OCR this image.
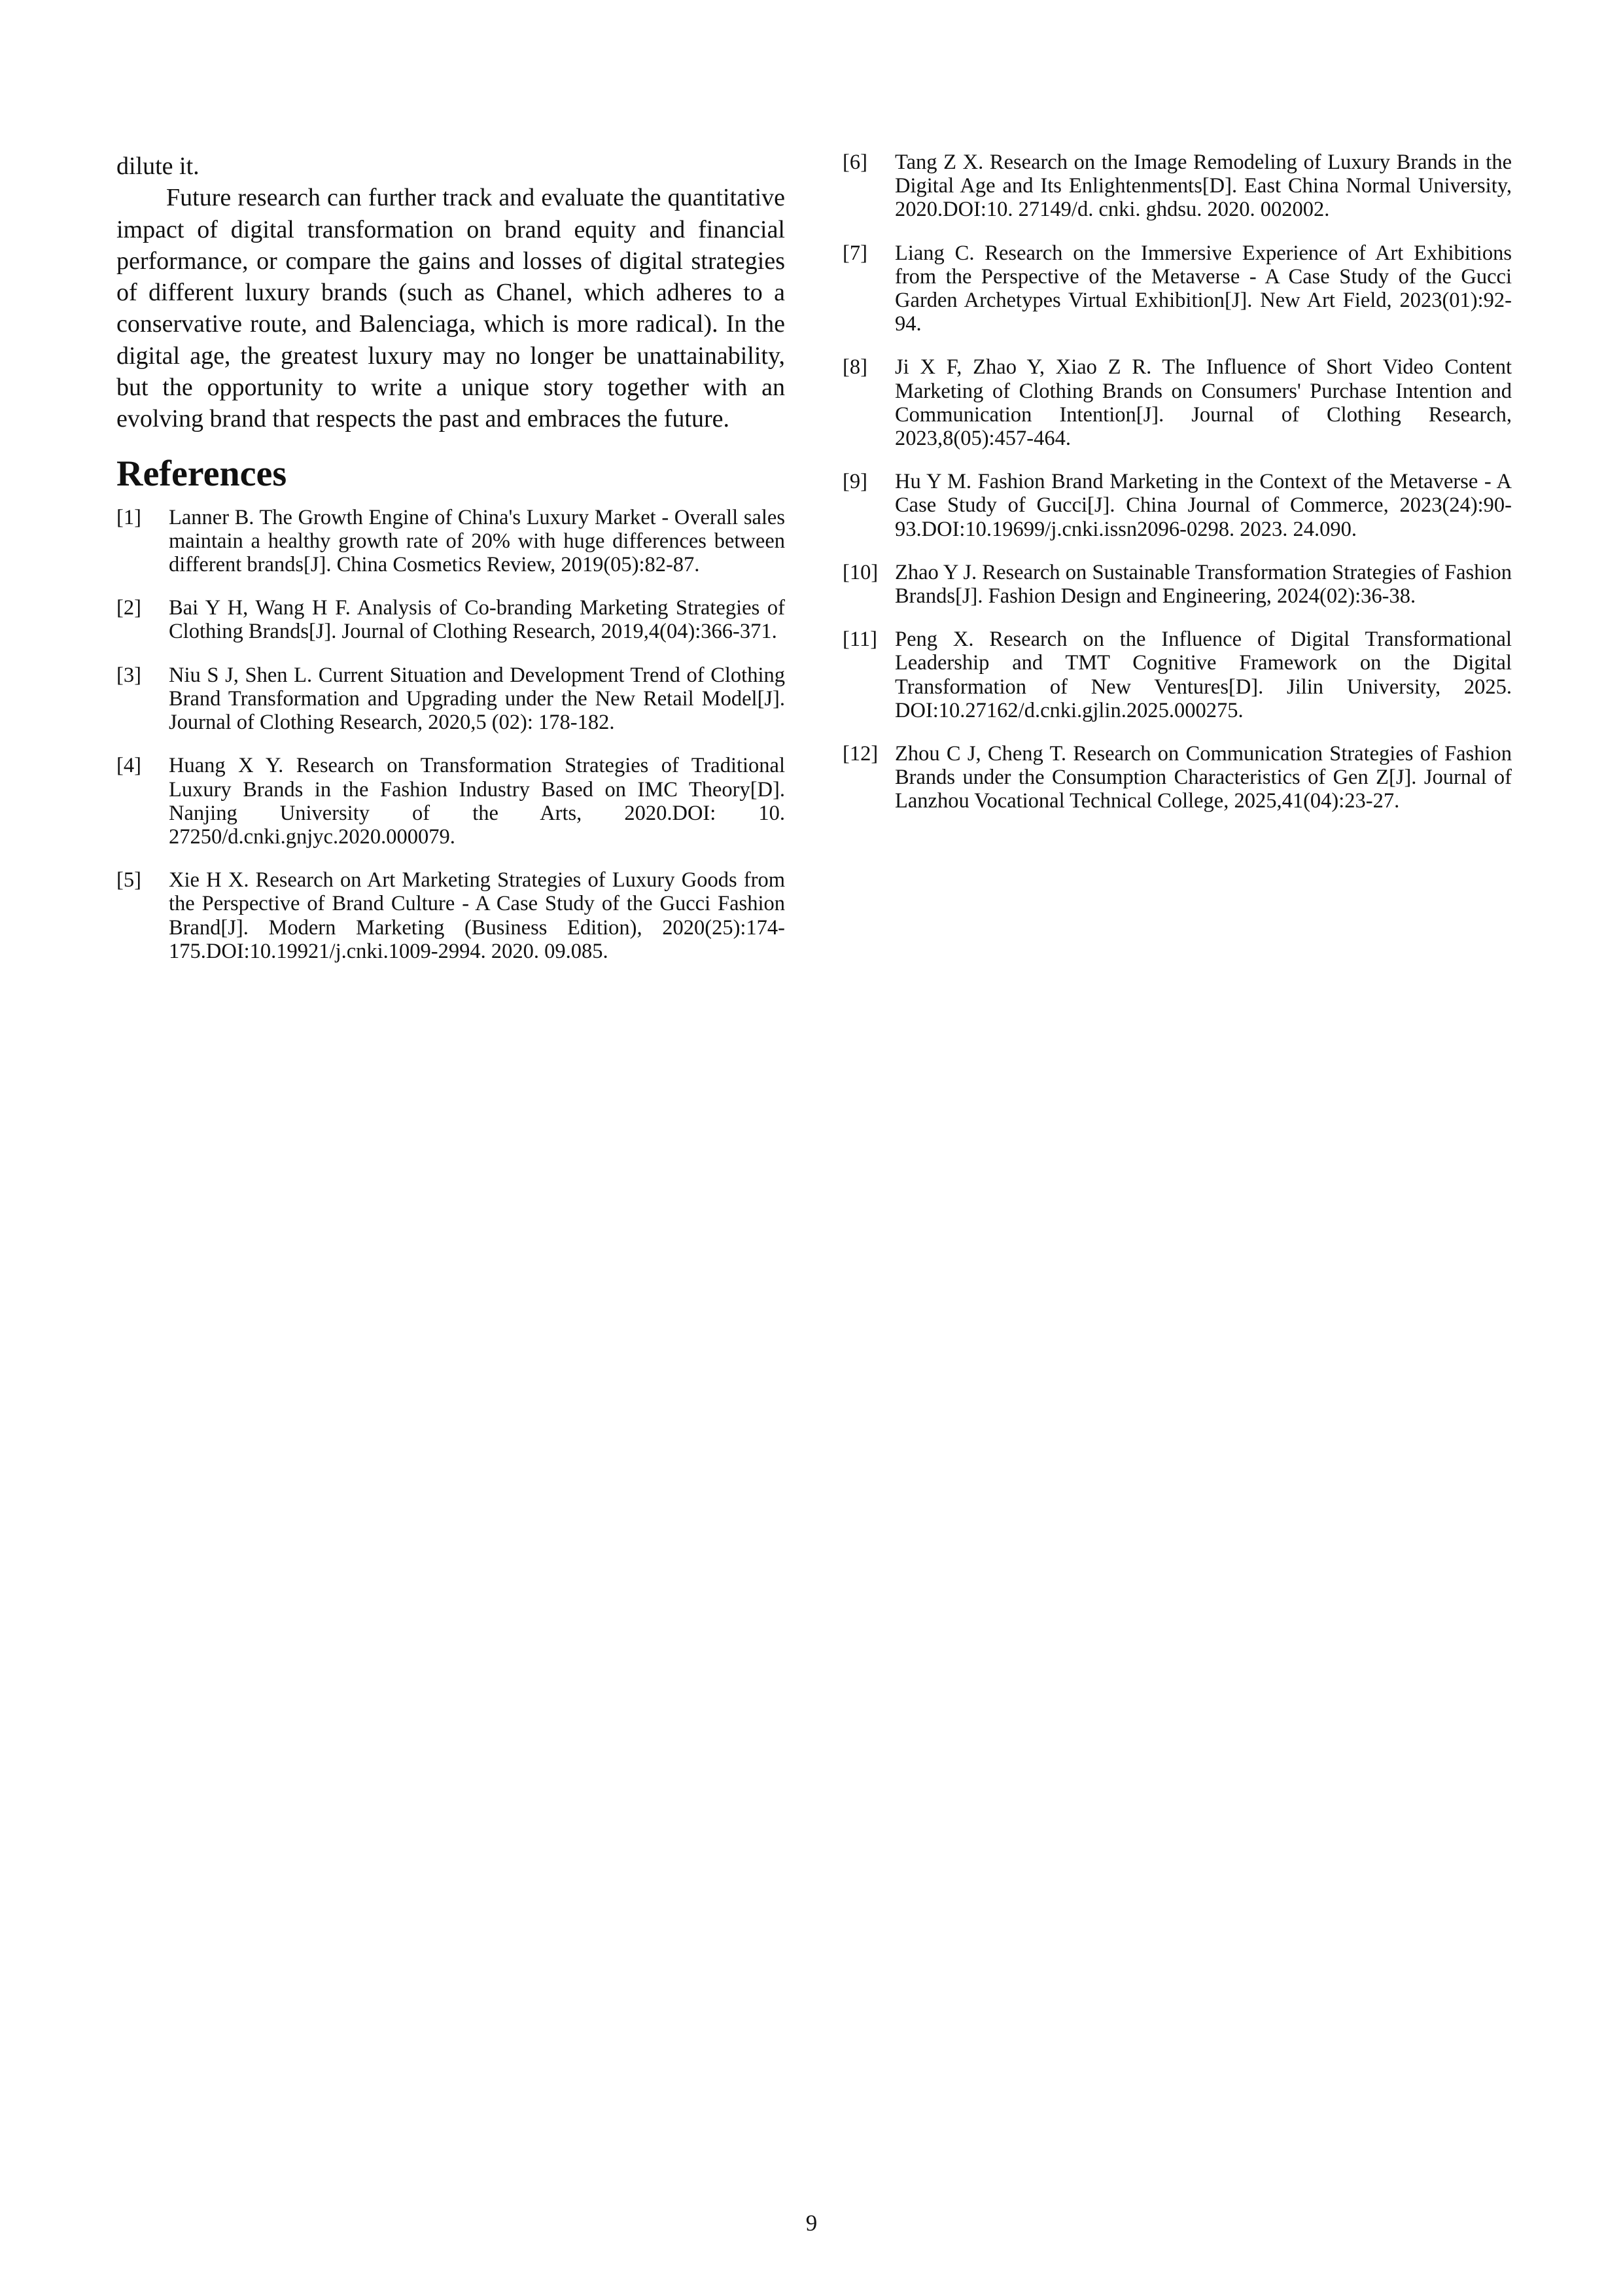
dilute it.

Future research can further track and evaluate the quantitative impact of digital transformation on brand equity and financial performance, or compare the gains and losses of digital strategies of different luxury brands (such as Chanel, which adheres to a conservative route, and Balenciaga, which is more radical). In the digital age, the greatest luxury may no longer be unattainability, but the opportunity to write a unique story together with an evolving brand that respects the past and embraces the future.

References
[1]	Lanner B. The Growth Engine of China's Luxury Market - Overall sales maintain a healthy growth rate of 20% with huge differences between different brands[J]. China Cosmetics Review, 2019(05):82-87.
[2]	Bai Y H, Wang H F. Analysis of Co-branding Marketing Strategies of Clothing Brands[J]. Journal of Clothing Research, 2019,4(04):366-371.
[3]	Niu S J, Shen L. Current Situation and Development Trend of Clothing Brand Transformation and Upgrading under the New Retail Model[J]. Journal of Clothing Research, 2020,5 (02): 178-182.
[4]	Huang X Y. Research on Transformation Strategies of Traditional Luxury Brands in the Fashion Industry Based on IMC Theory[D]. Nanjing University of the Arts, 2020.DOI: 10. 27250/d.cnki.gnjyc.2020.000079.
[5]	Xie H X. Research on Art Marketing Strategies of Luxury Goods from the Perspective of Brand Culture - A Case Study of the Gucci Fashion Brand[J]. Modern Marketing (Business Edition), 2020(25):174-175.DOI:10.19921/j.cnki.1009-2994. 2020. 09.085.
[6]	Tang Z X. Research on the Image Remodeling of Luxury Brands in the Digital Age and Its Enlightenments[D]. East China Normal University, 2020.DOI:10. 27149/d. cnki. ghdsu. 2020. 002002.
[7]	Liang C. Research on the Immersive Experience of Art Exhibitions from the Perspective of the Metaverse - A Case Study of the Gucci Garden Archetypes Virtual Exhibition[J]. New Art Field, 2023(01):92-94.
[8]	Ji X F, Zhao Y, Xiao Z R. The Influence of Short Video Content Marketing of Clothing Brands on Consumers' Purchase Intention and Communication Intention[J]. Journal of Clothing Research, 2023,8(05):457-464.
[9]	Hu Y M. Fashion Brand Marketing in the Context of the Metaverse - A Case Study of Gucci[J]. China Journal of Commerce, 2023(24):90-93.DOI:10.19699/j.cnki.issn2096-0298. 2023. 24.090.
[10] Zhao Y J. Research on Sustainable Transformation Strategies of Fashion Brands[J]. Fashion Design and Engineering, 2024(02):36-38.
[11] Peng X. Research on the Influence of Digital Transformational Leadership and TMT Cognitive Framework on the Digital Transformation of New Ventures[D]. Jilin University, 2025. DOI:10.27162/d.cnki.gjlin.2025.000275.
[12] Zhou C J, Cheng T. Research on Communication Strategies of Fashion Brands under the Consumption Characteristics of Gen Z[J]. Journal of Lanzhou Vocational Technical College, 2025,41(04):23-27.
9
